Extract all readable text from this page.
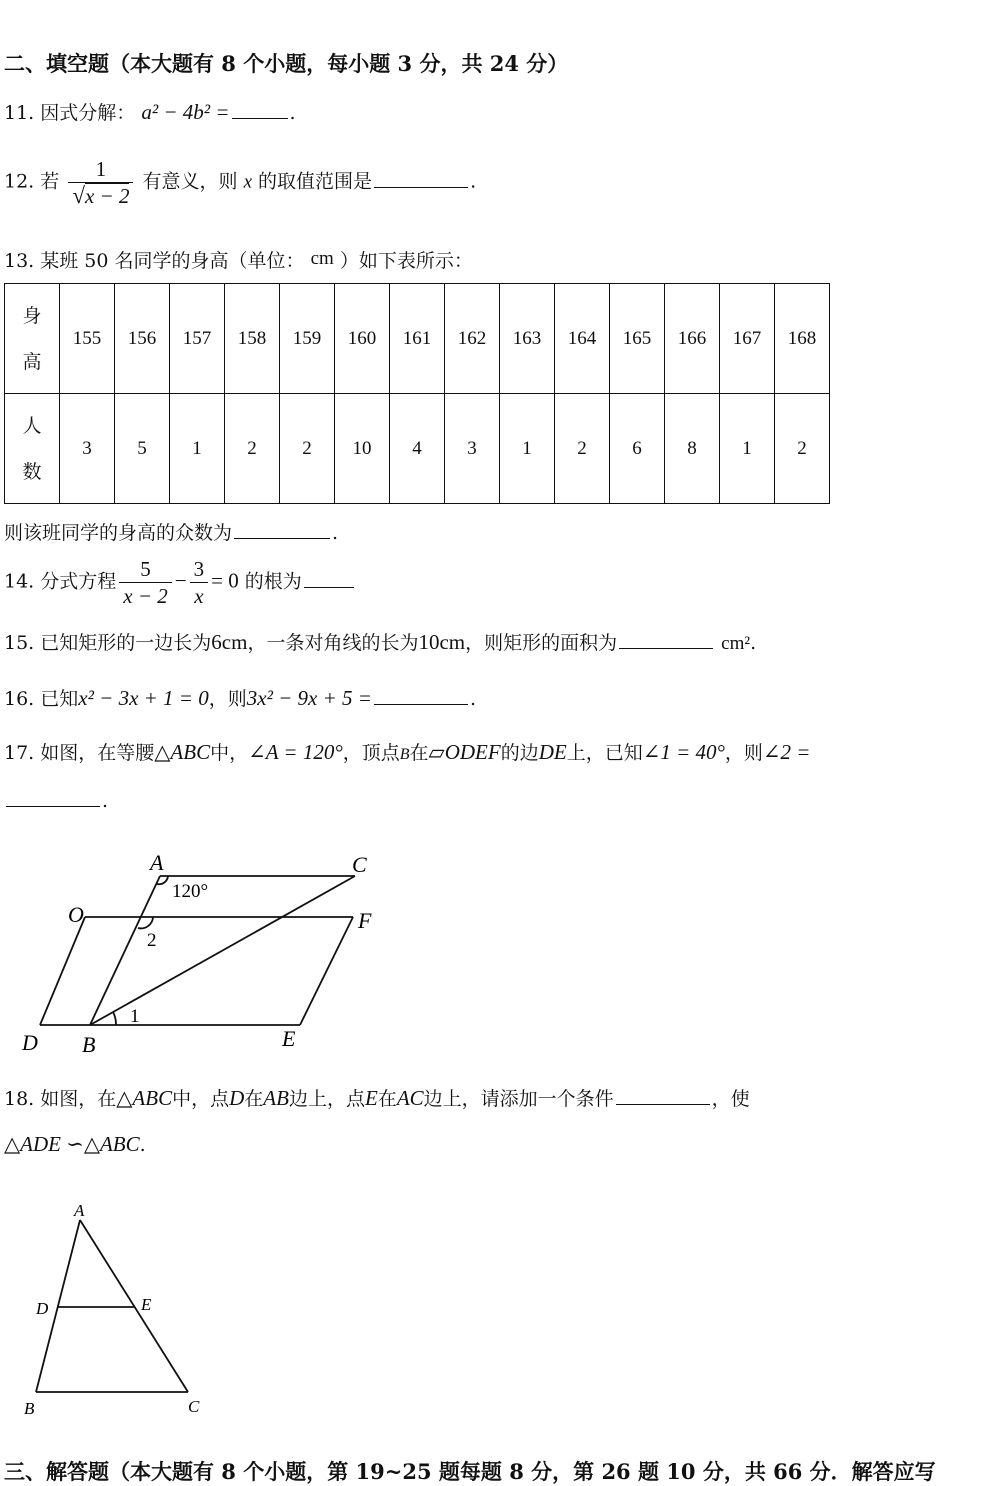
二、填空题（本大题有 8 个小题，每小题 3 分，共 24 分）
11. 因式分解： a² − 4b² =	.
12. 若 $\frac{1}{√x - 2}$ 有意义，则 x 的取值范围是	.
13. 某班 50 名同学的身高（单位： cm ）如下表所示：
身
高	155	156	157	158	159	160	161	162	163	164	165	166	167	168
人
数	3	5	1	2	2	10	4	3	1	2	6	8	1	2
则该班同学的身高的众数为	.
14. 分式方程 $\frac{5}{x - 2} - \frac{3}{x} = 0$ 的根为
15. 已知矩形的一边长为6cm，一条对角线的长为10cm，则矩形的面积为	cm².
16. 已知x² − 3x + 1 = 0，则3x² − 9x + 5 =	.
17. 如图，在等腰△ABC中，∠A = 120°，顶点B在▱ODEF的边DE上，已知∠1 = 40°，则∠2 =
.
A	C
O	F
D B	E
120°
2
1
18. 如图，在△ABC中，点D在AB边上，点E在AC边上，请添加一个条件	，使
△ADE ∽△ABC.
A
D	E
B	C
三、解答题（本大题有 8 个小题，第 19~25 题每题 8 分，第 26 题 10 分，共 66 分．解答应写
